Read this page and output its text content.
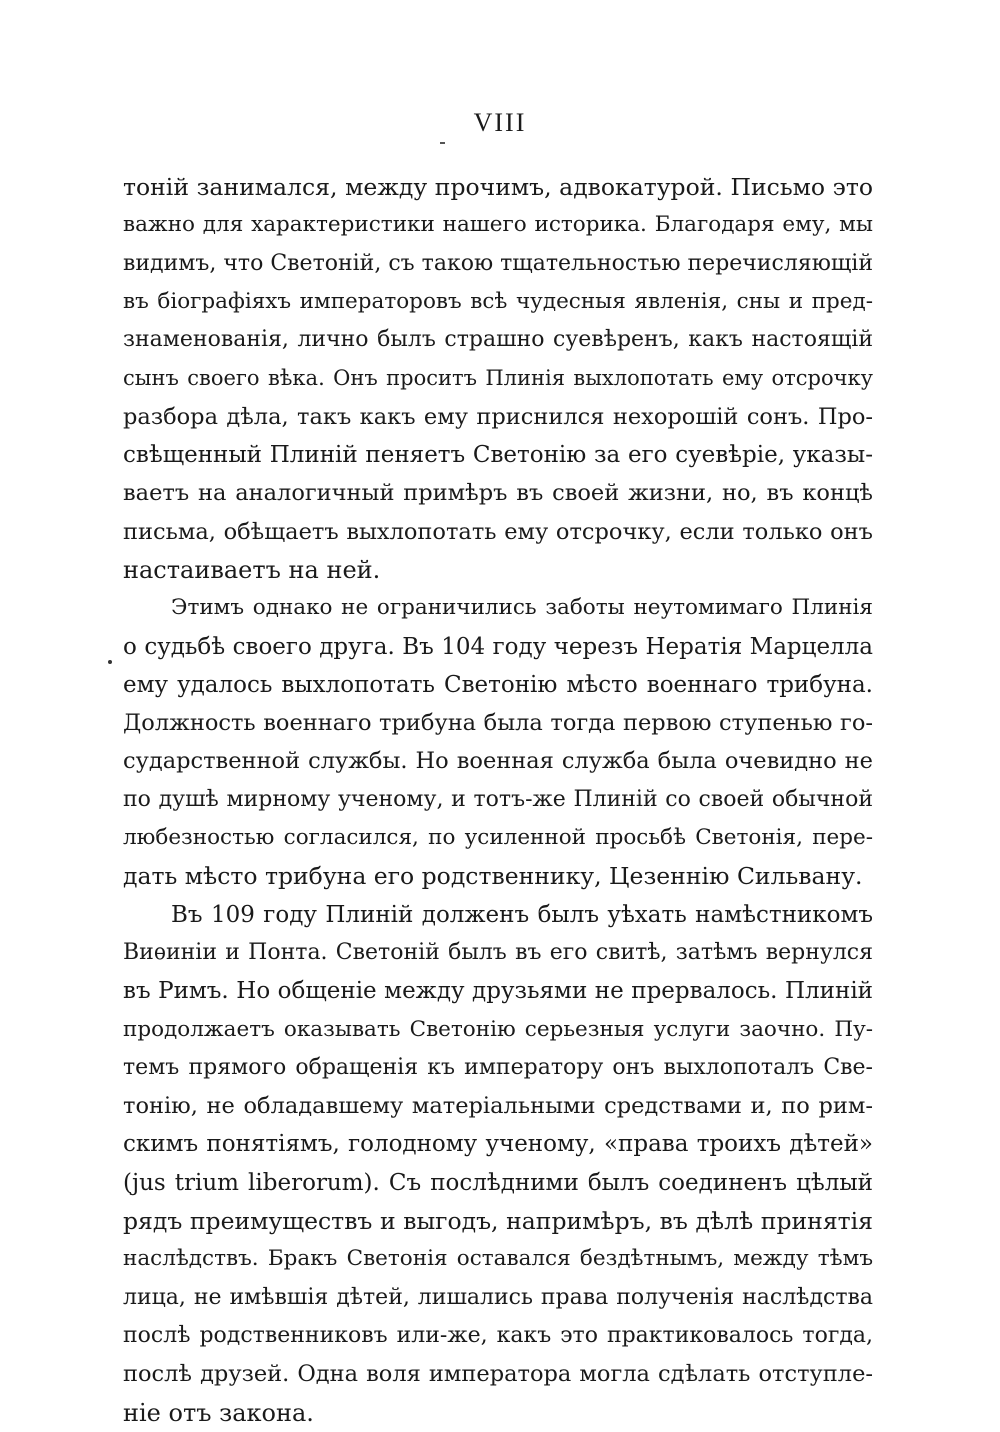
VIII
тоній занимался, между прочимъ, адвокатурой. Письмо это
важно для характеристики нашего историка. Благодаря ему, мы
видимъ, что Светоній, съ такою тщательностью перечисляющій
въ біографіяхъ императоровъ всѣ чудесныя явленія, сны и пред-
знаменованія, лично былъ страшно суевѣренъ, какъ настоящій
сынъ своего вѣка. Онъ проситъ Плинія выхлопотать ему отсрочку
разбора дѣла, такъ какъ ему приснился нехорошій сонъ. Про-
свѣщенный Плиній пеняетъ Светонію за его суевѣріе, указы-
ваетъ на аналогичный примѣръ въ своей жизни, но, въ концѣ
письма, обѣщаетъ выхлопотать ему отсрочку, если только онъ
настаиваетъ на ней.
Этимъ однако не ограничились заботы неутомимаго Плинія
о судьбѣ своего друга. Въ 104 году черезъ Нератія Марцелла
ему удалось выхлопотать Светонію мѣсто военнаго трибуна.
Должность военнаго трибуна была тогда первою ступенью го-
сударственной службы. Но военная служба была очевидно не
по душѣ мирному ученому, и тотъ-же Плиній со своей обычной
любезностью согласился, по усиленной просьбѣ Светонія, пере-
дать мѣсто трибуна его родственнику, Цезеннію Сильвану.
Въ 109 году Плиній долженъ былъ уѣхать намѣстникомъ
Виѳиніи и Понта. Светоній былъ въ его свитѣ, затѣмъ вернулся
въ Римъ. Но общеніе между друзьями не прервалось. Плиній
продолжаетъ оказывать Светонію серьезныя услуги заочно. Пу-
темъ прямого обращенія къ императору онъ выхлопоталъ Све-
тонію, не обладавшему матеріальными средствами и, по рим-
скимъ понятіямъ, голодному ученому, «права троихъ дѣтей»
(jus trium liberorum). Съ послѣдними былъ соединенъ цѣлый
рядъ преимуществъ и выгодъ, напримѣръ, въ дѣлѣ принятія
наслѣдствъ. Бракъ Светонія оставался бездѣтнымъ, между тѣмъ
лица, не имѣвшія дѣтей, лишались права полученія наслѣдства
послѣ родственниковъ или-же, какъ это практиковалось тогда,
послѣ друзей. Одна воля императора могла сдѣлать отступле-
ніе отъ закона.
